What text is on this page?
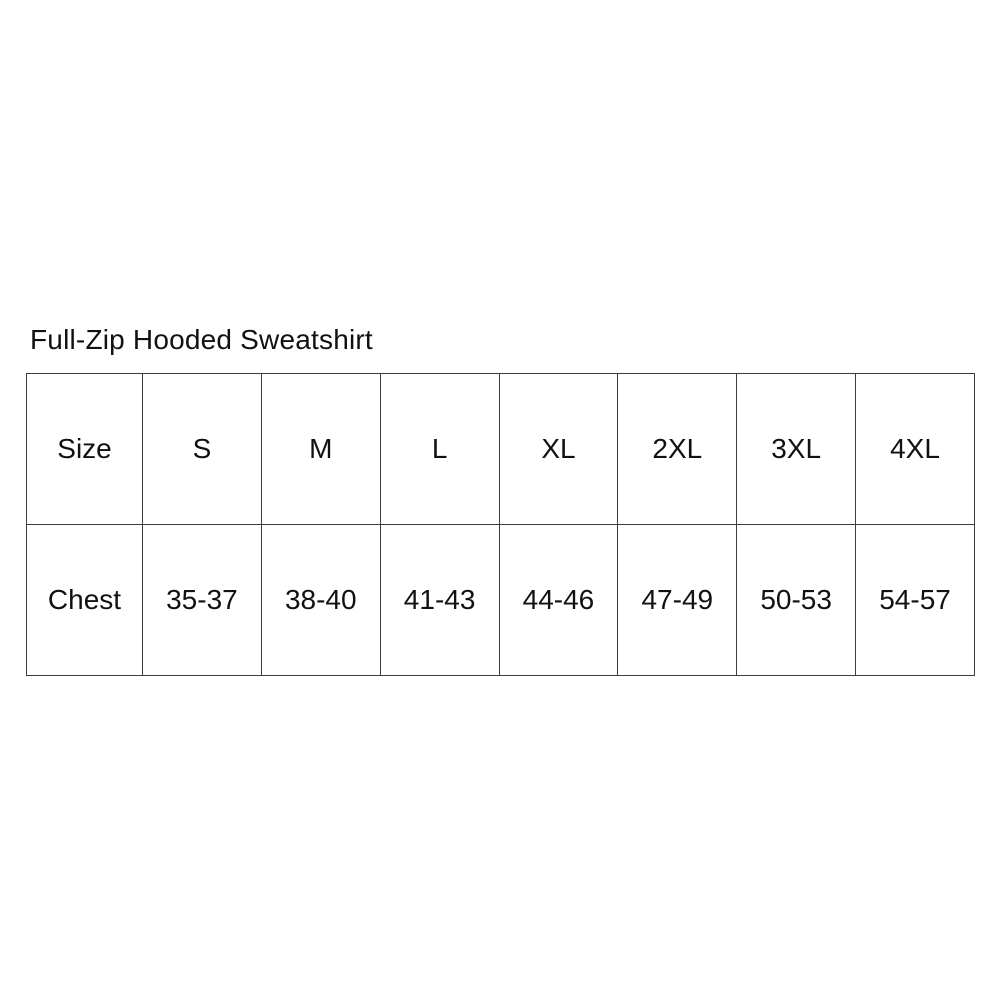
Full-Zip Hooded Sweatshirt
Size	S	M	L	XL	2XL	3XL	4XL
Chest	35-37	38-40	41-43	44-46	47-49	50-53	54-57
